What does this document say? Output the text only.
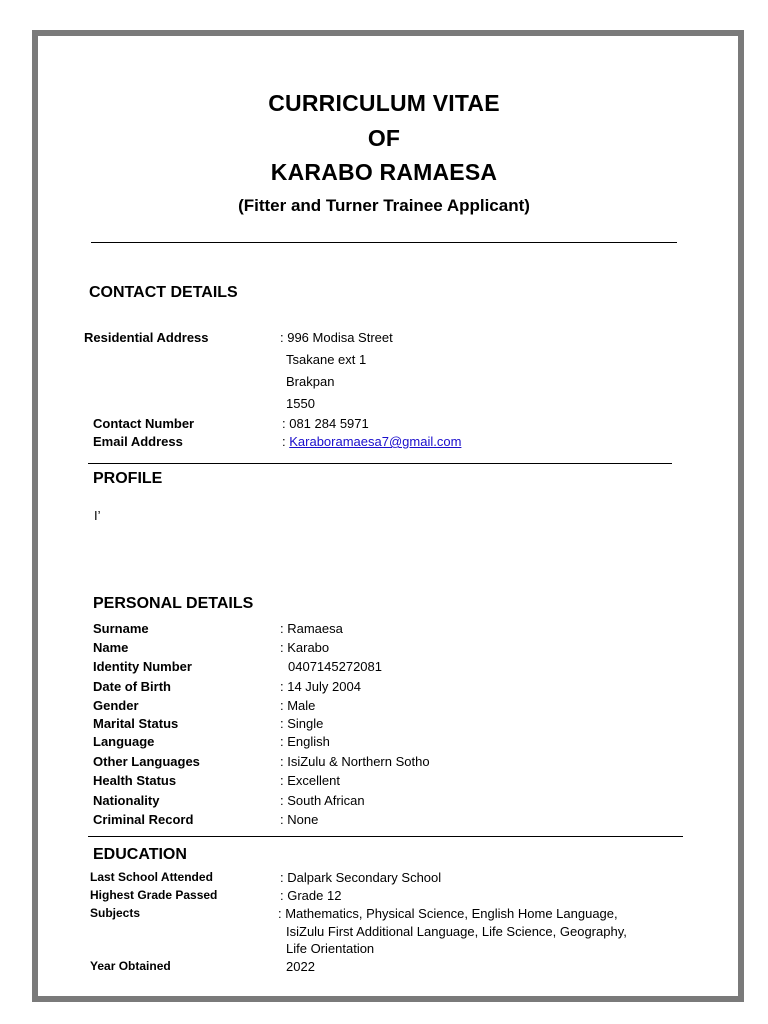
CURRICULUM VITAE
OF
KARABO RAMAESA
(Fitter and Turner Trainee Applicant)
CONTACT DETAILS
Residential Address	: 996 Modisa Street
Tsakane ext 1
Brakpan
1550
Contact Number	: 081 284 5971
Email Address	: Karaboramaesa7@gmail.com
PROFILE
I’
PERSONAL DETAILS
Surname	: Ramaesa
Name	: Karabo
Identity Number	0407145272081
Date of Birth	: 14 July 2004
Gender	: Male
Marital Status	: Single
Language	: English
Other Languages	: IsiZulu & Northern Sotho
Health Status	: Excellent
Nationality	: South African
Criminal Record	: None
EDUCATION
Last School Attended	: Dalpark Secondary School
Highest Grade Passed	: Grade 12
Subjects	: Mathematics, Physical Science, English Home Language,
IsiZulu First Additional Language, Life Science, Geography,
Life Orientation
Year Obtained	2022
